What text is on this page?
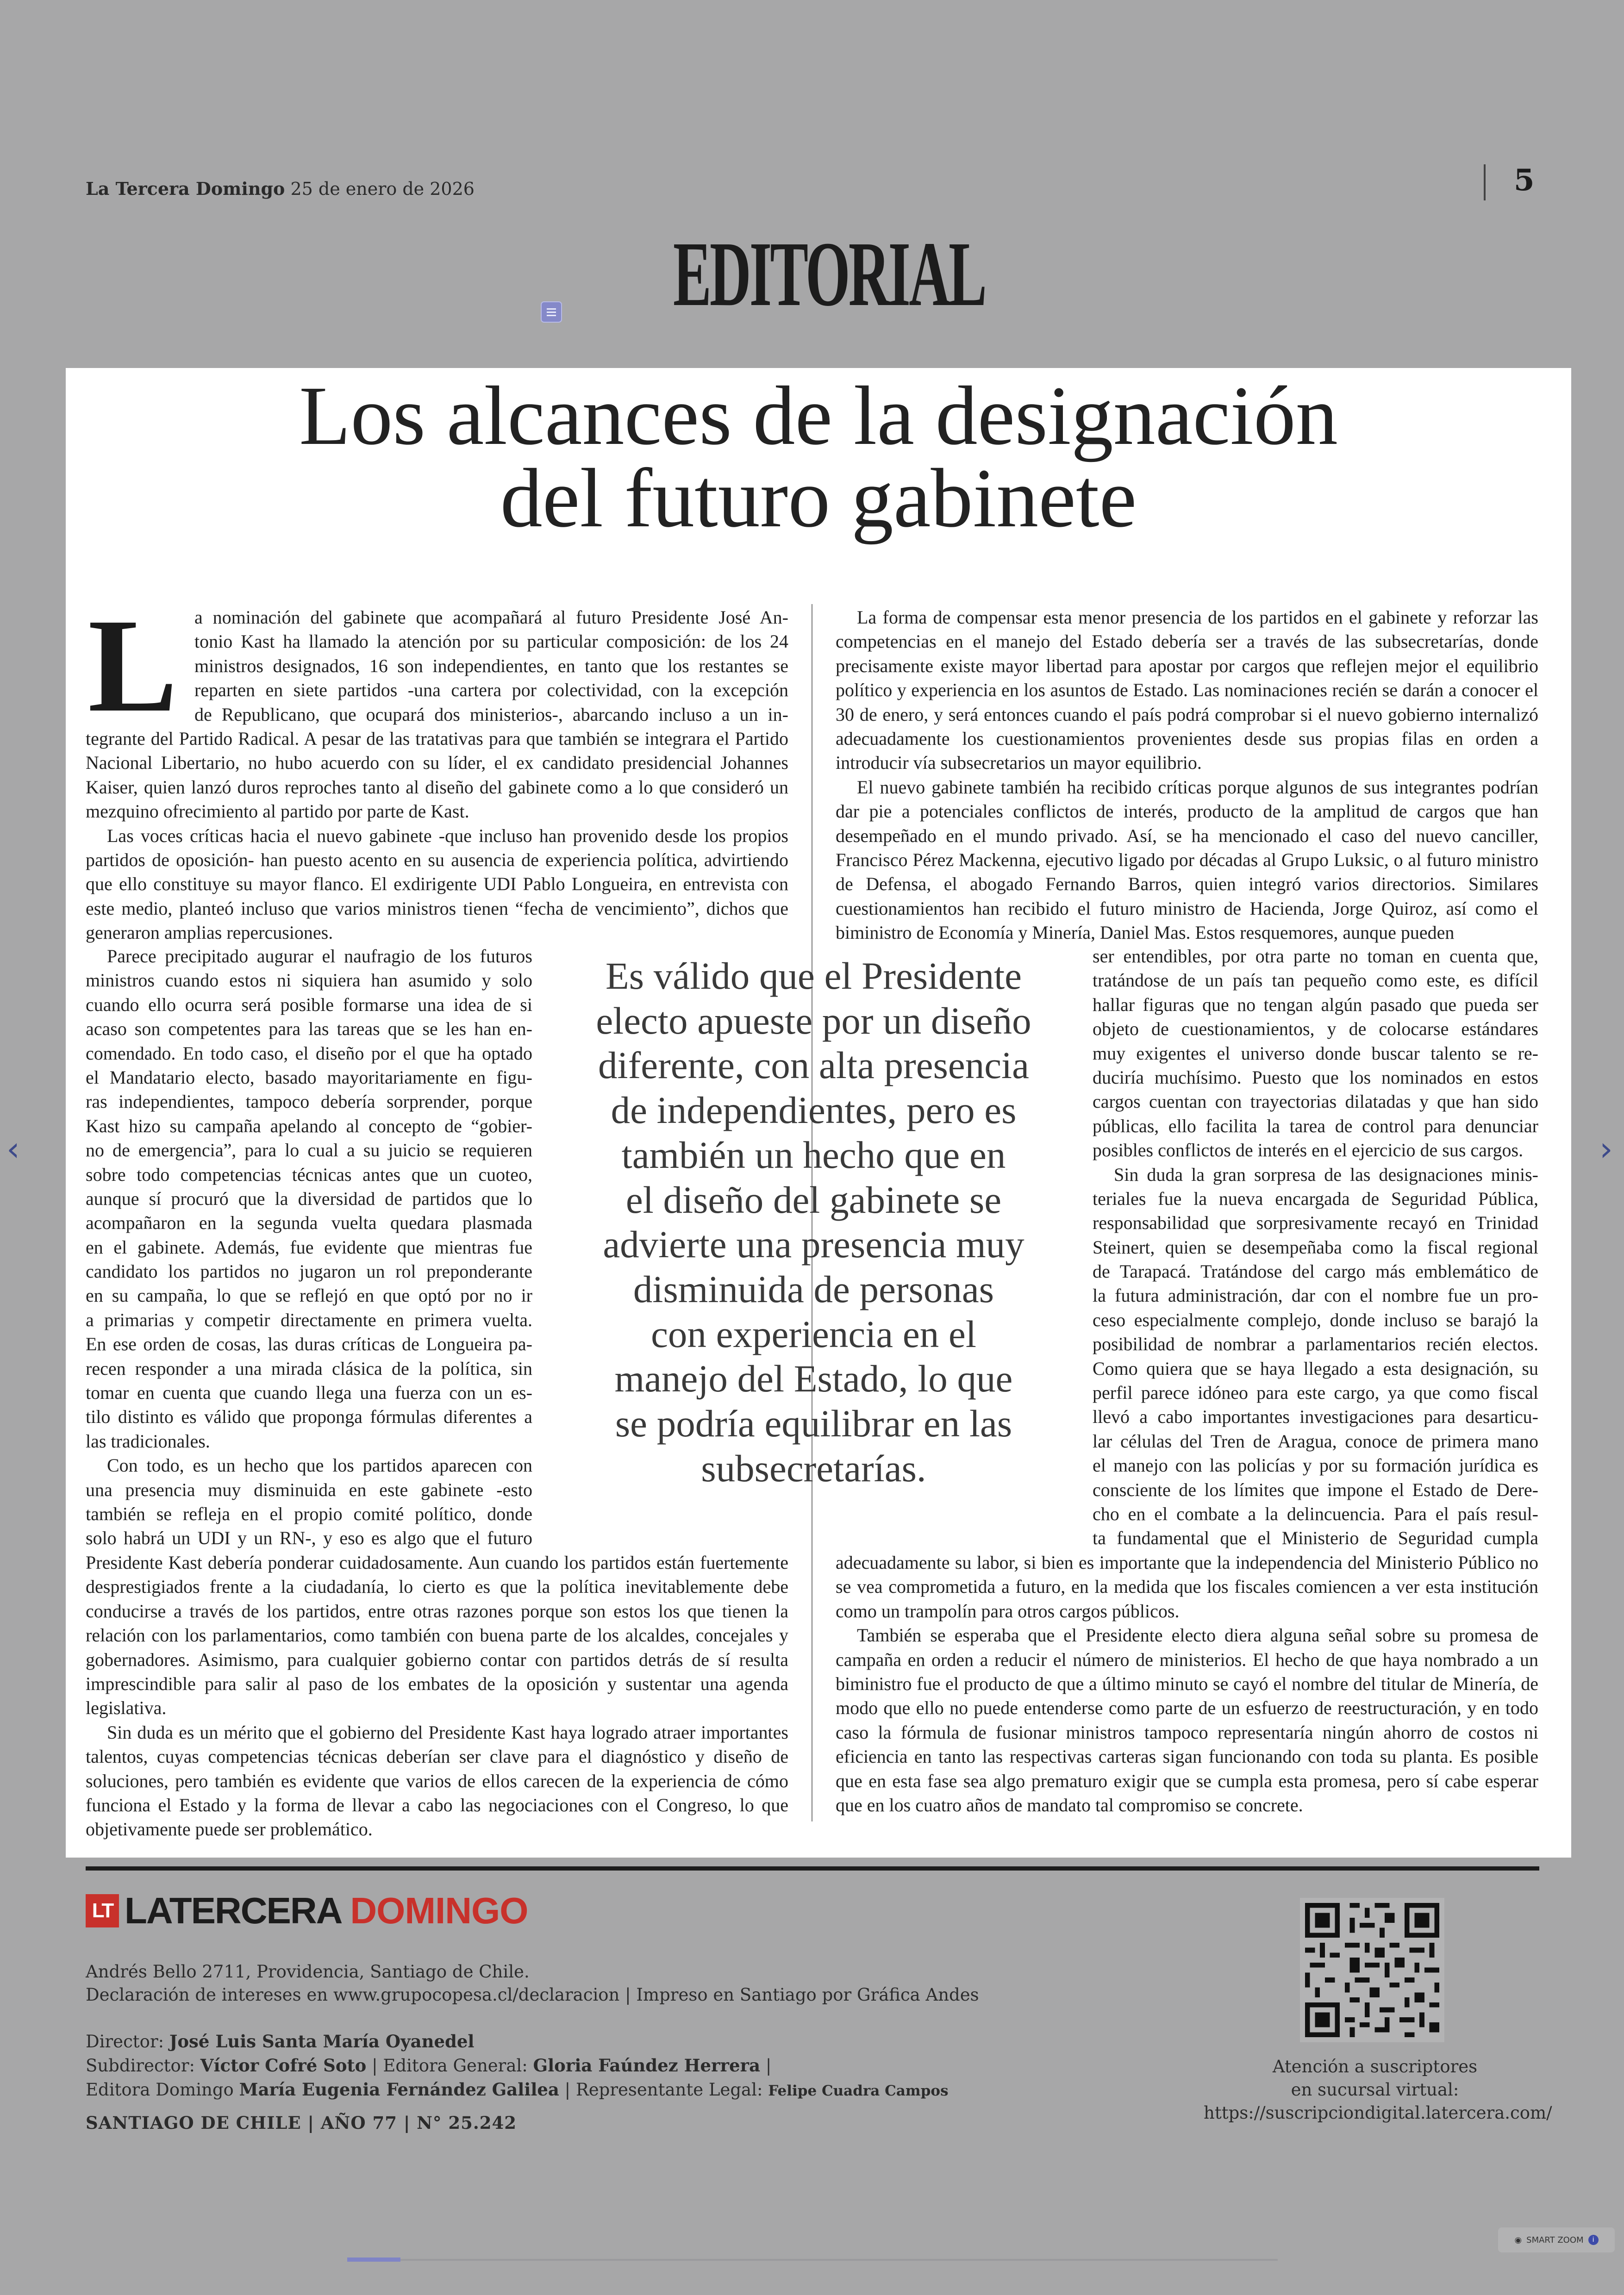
La Tercera Domingo 25 de enero de 2026	5
EDITORIAL
Los alcances de la designación
del futuro gabinete
L a nominación del gabinete que acompañará al futuro Presidente José An-
tonio Kast ha llamado la atención por su particular composición: de los 24
ministros designados, 16 son independientes, en tanto que los restantes se
reparten en siete partidos -una cartera por colectividad, con la excepción
de Republicano, que ocupará dos ministerios-, abarcando incluso a un in-

tegrante del Partido Radical. A pesar de las tratativas para que también se integrara el Partido Nacional Libertario, no hubo acuerdo con su líder, el ex candidato presidencial Johannes Kaiser, quien lanzó duros reproches tanto al diseño del gabinete como a lo que consideró un mezquino ofrecimiento al partido por parte de Kast.

Las voces críticas hacia el nuevo gabinete -que incluso han provenido desde los propios partidos de oposición- han puesto acento en su ausencia de experiencia política, advirtiendo que ello constituye su mayor flanco. El exdirigente UDI Pablo Longueira, en entrevista con este medio, planteó incluso que varios ministros tienen “fecha de vencimiento”, dichos que generaron amplias repercusiones.

Parece precipitado augurar el naufragio de los futuros
ministros cuando estos ni siquiera han asumido y solo
cuando ello ocurra será posible formarse una idea de si
acaso son competentes para las tareas que se les han en-
comendado. En todo caso, el diseño por el que ha optado
el Mandatario electo, basado mayoritariamente en figu-
ras independientes, tampoco debería sorprender, porque
Kast hizo su campaña apelando al concepto de “gobier-
no de emergencia”, para lo cual a su juicio se requieren
sobre todo competencias técnicas antes que un cuoteo,
aunque sí procuró que la diversidad de partidos que lo
acompañaron en la segunda vuelta quedara plasmada
en el gabinete. Además, fue evidente que mientras fue
candidato los partidos no jugaron un rol preponderante
en su campaña, lo que se reflejó en que optó por no ir
a primarias y competir directamente en primera vuelta.
En ese orden de cosas, las duras críticas de Longueira pa-
recen responder a una mirada clásica de la política, sin
tomar en cuenta que cuando llega una fuerza con un es-
tilo distinto es válido que proponga fórmulas diferentes a
las tradicionales.
Con todo, es un hecho que los partidos aparecen con
una presencia muy disminuida en este gabinete -esto
también se refleja en el propio comité político, donde
solo habrá un UDI y un RN-, y eso es algo que el futuro

Presidente Kast debería ponderar cuidadosamente. Aun cuando los partidos están fuertemente desprestigiados frente a la ciudadanía, lo cierto es que la política inevitablemente debe conducirse a través de los partidos, entre otras razones porque son estos los que tienen la relación con los parlamentarios, como también con buena parte de los alcaldes, concejales y gobernadores. Asimismo, para cualquier gobierno contar con partidos detrás de sí resulta imprescindible para salir al paso de los embates de la oposición y sustentar una agenda legislativa.

Sin duda es un mérito que el gobierno del Presidente Kast haya logrado atraer importantes talentos, cuyas competencias técnicas deberían ser clave para el diagnóstico y diseño de soluciones, pero también es evidente que varios de ellos carecen de la experiencia de cómo funciona el Estado y la forma de llevar a cabo las negociaciones con el Congreso, lo que objetivamente puede ser problemático.

Es válido que el Presidente
electo apueste por un diseño
diferente, con alta presencia
de independientes, pero es
también un hecho que en
el diseño del gabinete se
advierte una presencia muy
disminuida de personas
con experiencia en el
manejo del Estado, lo que
se podría equilibrar en las
subsecretarías.

La forma de compensar esta menor presencia de los partidos en el gabinete y reforzar las competencias en el manejo del Estado debería ser a través de las subsecretarías, donde precisamente existe mayor libertad para apostar por cargos que reflejen mejor el equilibrio político y experiencia en los asuntos de Estado. Las nominaciones recién se darán a conocer el 30 de enero, y será entonces cuando el país podrá comprobar si el nuevo gobierno internalizó adecuadamente los cuestionamientos provenientes desde sus propias filas en orden a introducir vía subsecretarios un mayor equilibrio.

El nuevo gabinete también ha recibido críticas porque algunos de sus integrantes podrían dar pie a potenciales conflictos de interés, producto de la amplitud de cargos que han desempeñado en el mundo privado. Así, se ha mencionado el caso del nuevo canciller, Francisco Pérez Mackenna, ejecutivo ligado por décadas al Grupo Luksic, o al futuro ministro de Defensa, el abogado Fernando Barros, quien integró varios directorios. Similares cuestionamientos han recibido el futuro ministro de Hacienda, Jorge Quiroz, así como el biministro de Economía y Minería, Daniel Mas. Estos resquemores, aunque pueden

ser entendibles, por otra parte no toman en cuenta que,
tratándose de un país tan pequeño como este, es difícil
hallar figuras que no tengan algún pasado que pueda ser
objeto de cuestionamientos, y de colocarse estándares
muy exigentes el universo donde buscar talento se re-
duciría muchísimo. Puesto que los nominados en estos
cargos cuentan con trayectorias dilatadas y que han sido
públicas, ello facilita la tarea de control para denunciar
posibles conflictos de interés en el ejercicio de sus cargos.
Sin duda la gran sorpresa de las designaciones minis-
teriales fue la nueva encargada de Seguridad Pública,
responsabilidad que sorpresivamente recayó en Trinidad
Steinert, quien se desempeñaba como la fiscal regional
de Tarapacá. Tratándose del cargo más emblemático de
la futura administración, dar con el nombre fue un pro-
ceso especialmente complejo, donde incluso se barajó la
posibilidad de nombrar a parlamentarios recién electos.
Como quiera que se haya llegado a esta designación, su
perfil parece idóneo para este cargo, ya que como fiscal
llevó a cabo importantes investigaciones para desarticu-
lar células del Tren de Aragua, conoce de primera mano
el manejo con las policías y por su formación jurídica es
consciente de los límites que impone el Estado de Dere-
cho en el combate a la delincuencia. Para el país resul-
ta fundamental que el Ministerio de Seguridad cumpla

adecuadamente su labor, si bien es importante que la independencia del Ministerio Público no se vea comprometida a futuro, en la medida que los fiscales comiencen a ver esta institución como un trampolín para otros cargos públicos.

También se esperaba que el Presidente electo diera alguna señal sobre su promesa de campaña en orden a reducir el número de ministerios. El hecho de que haya nombrado a un biministro fue el producto de que a último minuto se cayó el nombre del titular de Minería, de modo que ello no puede entenderse como parte de un esfuerzo de reestructuración, y en todo caso la fórmula de fusionar ministros tampoco representaría ningún ahorro de costos ni eficiencia en tanto las respectivas carteras sigan funcionando con toda su planta. Es posible que en esta fase sea algo prematuro exigir que se cumpla esta promesa, pero sí cabe esperar que en los cuatro años de mandato tal compromiso se concrete.

LT LATERCERA DOMINGO
Andrés Bello 2711, Providencia, Santiago de Chile.
Declaración de intereses en www.grupocopesa.cl/declaracion | Impreso en Santiago por Gráfica Andes
Director: José Luis Santa María Oyanedel
Subdirector: Víctor Cofré Soto | Editora General: Gloria Faúndez Herrera |
Editora Domingo María Eugenia Fernández Galilea | Representante Legal: Felipe Cuadra Campos
SANTIAGO DE CHILE | AÑO 77 | N° 25.242
Atención a suscriptores
en sucursal virtual:
https://suscripciondigital.latercera.com/
‹	›
◉ SMART ZOOM	i
